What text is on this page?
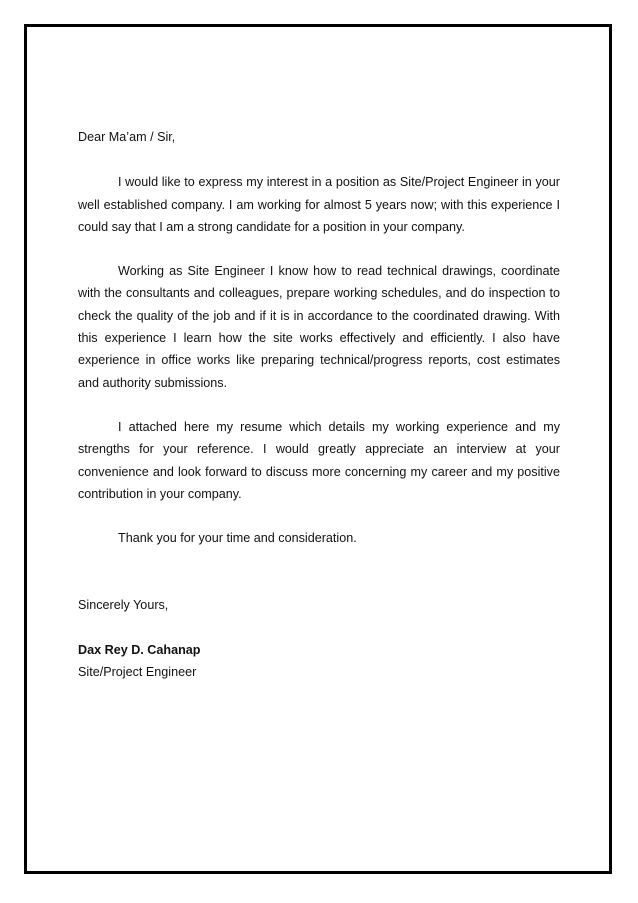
Dear Ma’am / Sir,

I would like to express my interest in a position as Site/Project Engineer in your well established company. I am working for almost 5 years now; with this experience I could say that I am a strong candidate for a position in your company.

Working as Site Engineer I know how to read technical drawings, coordinate with the consultants and colleagues, prepare working schedules, and do inspection to check the quality of the job and if it is in accordance to the coordinated drawing. With this experience I learn how the site works effectively and efficiently. I also have experience in office works like preparing technical/progress reports, cost estimates and authority submissions.

I attached here my resume which details my working experience and my strengths for your reference. I would greatly appreciate an interview at your convenience and look forward to discuss more concerning my career and my positive contribution in your company.

Thank you for your time and consideration.

Sincerely Yours,

Dax Rey D. Cahanap

Site/Project Engineer
